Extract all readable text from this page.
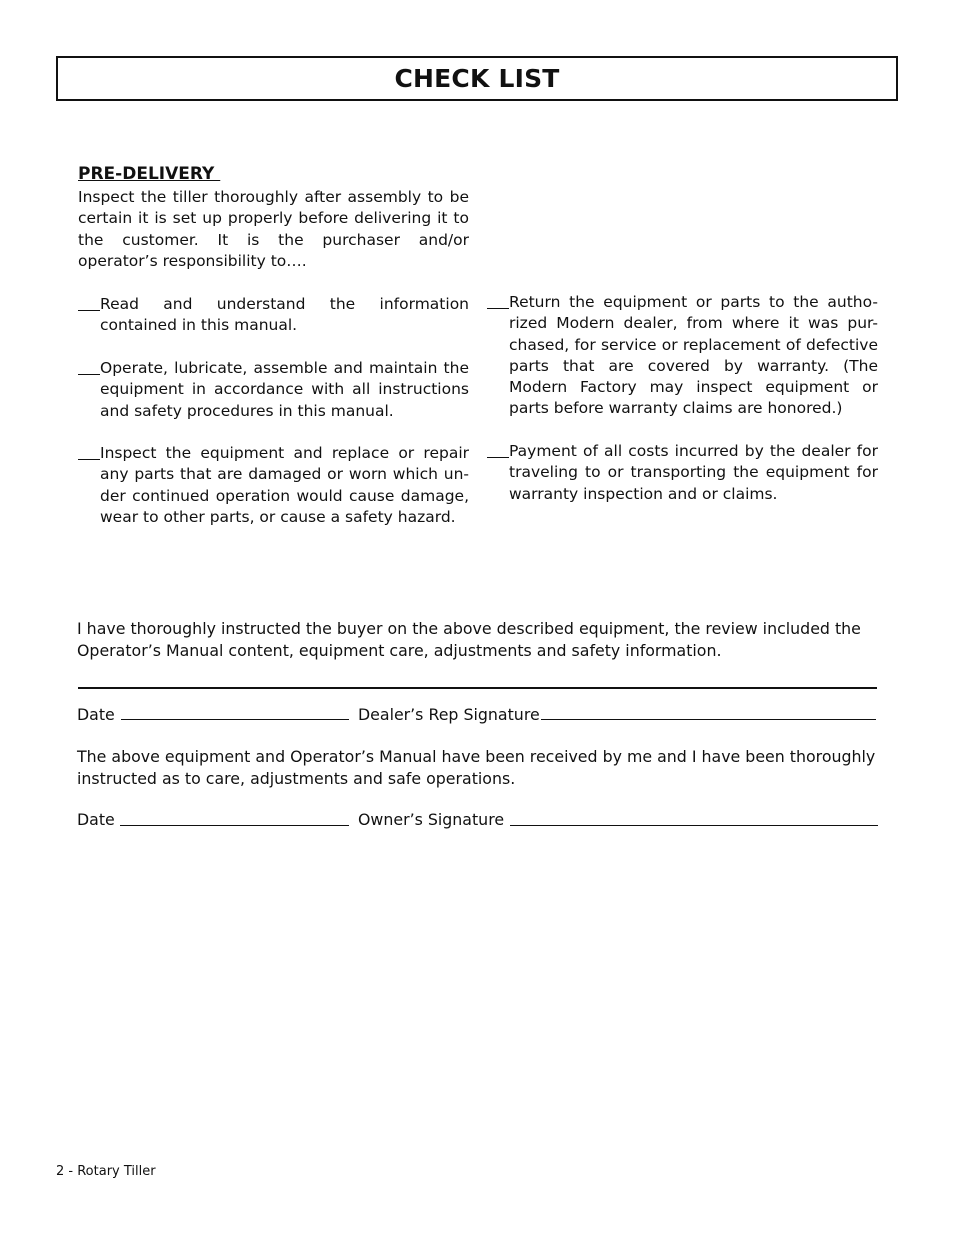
CHECK LIST
PRE-DELIVERY
Inspect the tiller thoroughly after assembly to be certain it is set up properly before delivering it to the customer. It is the purchaser and/or operator’s responsibility to….
Read and understand the information contained in this manual.
Operate, lubricate, assemble and maintain the equipment in accordance with all instructions and safety procedures in this manual.
Inspect the equipment and replace or repair any parts that are damaged or worn which un- der continued operation would cause damage, wear to other parts, or cause a safety hazard.
Return the equipment or parts to the autho- rized Modern dealer, from where it was pur- chased, for service or replacement of defective parts that are covered by warranty. (The Modern Factory may inspect equipment or parts before warranty claims are honored.)
Payment of all costs incurred by the dealer for traveling to or transporting the equipment for warranty inspection and or claims.
I have thoroughly instructed the buyer on the above described equipment, the review included the Operator’s Manual content, equipment care, adjustments and safety information.
Date	Dealer’s Rep Signature
The above equipment and Operator’s Manual have been received by me and I have been thoroughly instructed as to care, adjustments and safe operations.
Date	Owner’s Signature
2 - Rotary Tiller
